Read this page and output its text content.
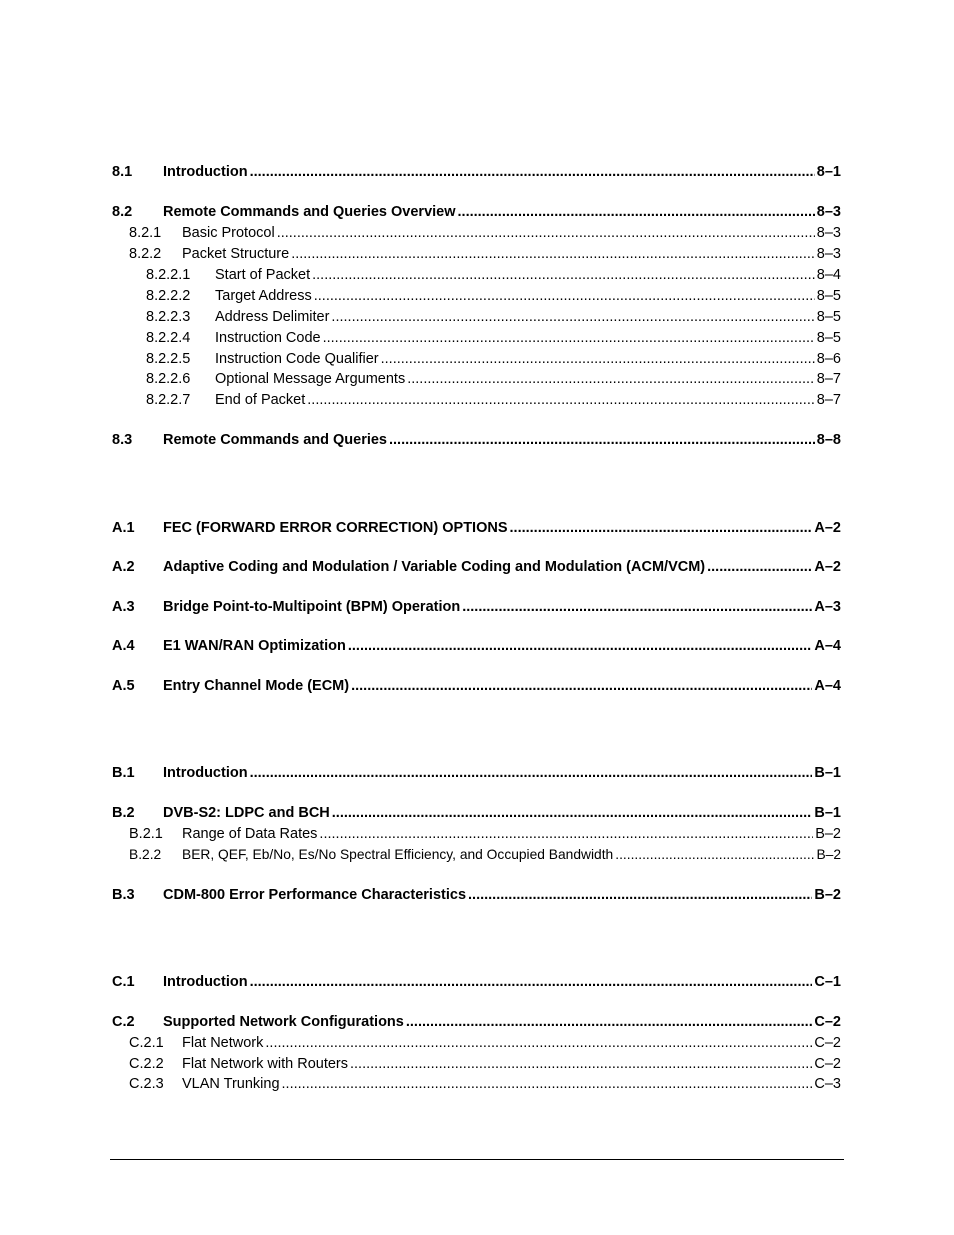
8.1	Introduction .....	8–1
8.2	Remote Commands and Queries Overview .....	8–3
8.2.1	Basic Protocol .....	8–3
8.2.2	Packet Structure .....	8–3
8.2.2.1	Start of Packet .....	8–4
8.2.2.2	Target Address .....	8–5
8.2.2.3	Address Delimiter .....	8–5
8.2.2.4	Instruction Code .....	8–5
8.2.2.5	Instruction Code Qualifier .....	8–6
8.2.2.6	Optional Message Arguments .....	8–7
8.2.2.7	End of Packet .....	8–7
8.3	Remote Commands and Queries .....	8–8
A.1	FEC (FORWARD ERROR CORRECTION) OPTIONS .....	A–2
A.2	Adaptive Coding and Modulation / Variable Coding and Modulation (ACM/VCM) .....	A–2
A.3	Bridge Point-to-Multipoint (BPM) Operation .....	A–3
A.4	E1 WAN/RAN Optimization .....	A–4
A.5	Entry Channel Mode (ECM) .....	A–4
B.1	Introduction .....	B–1
B.2	DVB-S2: LDPC and BCH .....	B–1
B.2.1	Range of Data Rates .....	B–2
B.2.2	BER, QEF, Eb/No, Es/No Spectral Efficiency, and Occupied Bandwidth .....	B–2
B.3	CDM-800 Error Performance Characteristics .....	B–2
C.1	Introduction .....	C–1
C.2	Supported Network Configurations .....	C–2
C.2.1	Flat Network .....	C–2
C.2.2	Flat Network with Routers .....	C–2
C.2.3	VLAN Trunking .....	C–3
